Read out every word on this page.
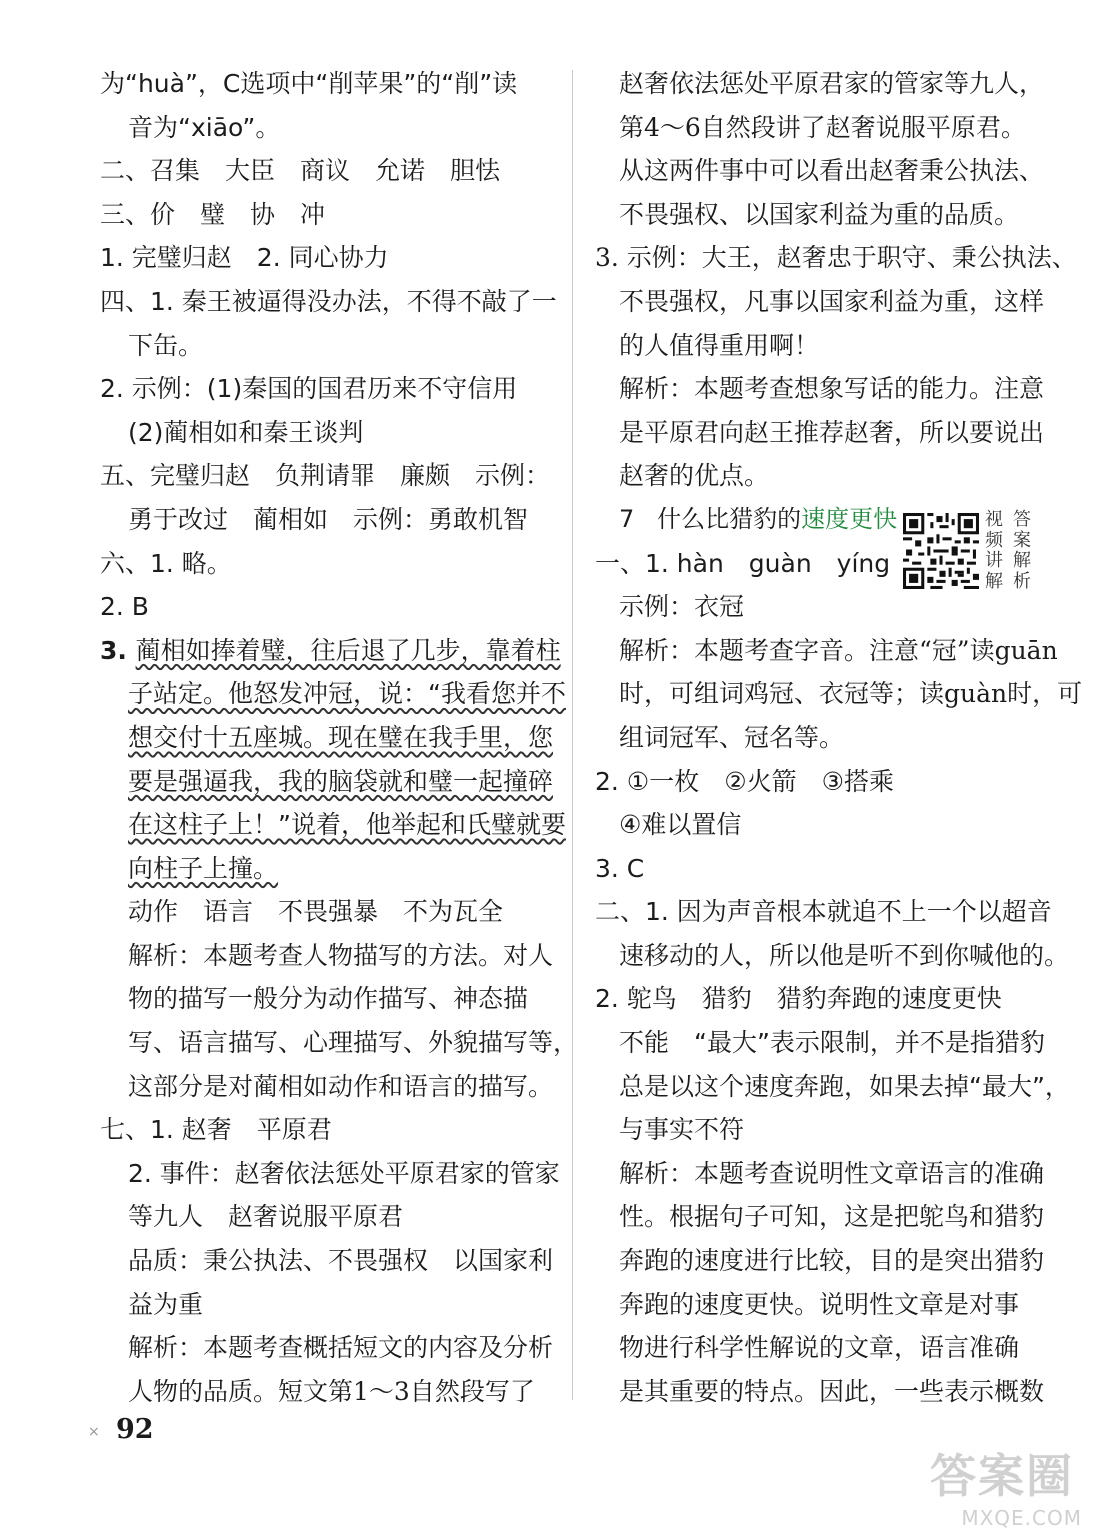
为“huà”，C选项中“削苹果”的“削”读
音为“xiāo”。
二、召集　大臣　商议　允诺　胆怯
三、价　璧　协　冲
1. 完璧归赵　2. 同心协力
四、1. 秦王被逼得没办法，不得不敲了一
下缶。
2. 示例：(1)秦国的国君历来不守信用
(2)蔺相如和秦王谈判
五、完璧归赵　负荆请罪　廉颇　示例：
勇于改过　蔺相如　示例：勇敢机智
六、1. 略。
2. B
3. 蔺相如捧着璧，往后退了几步，靠着柱
子站定。他怒发冲冠，说：“我看您并不
想交付十五座城。现在璧在我手里，您
要是强逼我，我的脑袋就和璧一起撞碎
在这柱子上！”说着，他举起和氏璧就要
向柱子上撞。
动作　语言　不畏强暴　不为瓦全
解析：本题考查人物描写的方法。对人
物的描写一般分为动作描写、神态描
写、语言描写、心理描写、外貌描写等，
这部分是对蔺相如动作和语言的描写。
七、1. 赵奢　平原君
2. 事件：赵奢依法惩处平原君家的管家
等九人　赵奢说服平原君
品质：秉公执法、不畏强权　以国家利
益为重
解析：本题考查概括短文的内容及分析
人物的品质。短文第1～3自然段写了
赵奢依法惩处平原君家的管家等九人，
第4～6自然段讲了赵奢说服平原君。
从这两件事中可以看出赵奢秉公执法、
不畏强权、以国家利益为重的品质。
3. 示例：大王，赵奢忠于职守、秉公执法、
不畏强权，凡事以国家利益为重，这样
的人值得重用啊！
解析：本题考查想象写话的能力。注意
是平原君向赵王推荐赵奢，所以要说出
赵奢的优点。
7 什么比猎豹的速度更快
一、1. hàn　guàn　yíng
示例：衣冠
解析：本题考查字音。注意“冠”读guān
时，可组词鸡冠、衣冠等；读guàn时，可
组词冠军、冠名等。
2. ①一枚　②火箭　③搭乘
④难以置信
3. C
二、1. 因为声音根本就追不上一个以超音
速移动的人，所以他是听不到你喊他的。
2. 鸵鸟　猎豹　猎豹奔跑的速度更快
不能　“最大”表示限制，并不是指猎豹
总是以这个速度奔跑，如果去掉“最大”，
与事实不符
解析：本题考查说明性文章语言的准确
性。根据句子可知，这是把鸵鸟和猎豹
奔跑的速度进行比较，目的是突出猎豹
奔跑的速度更快。说明性文章是对事
物进行科学性解说的文章，语言准确
是其重要的特点。因此，一些表示概数
视答
频案
讲解
解析
× 92
答案圈
MXQE.COM
